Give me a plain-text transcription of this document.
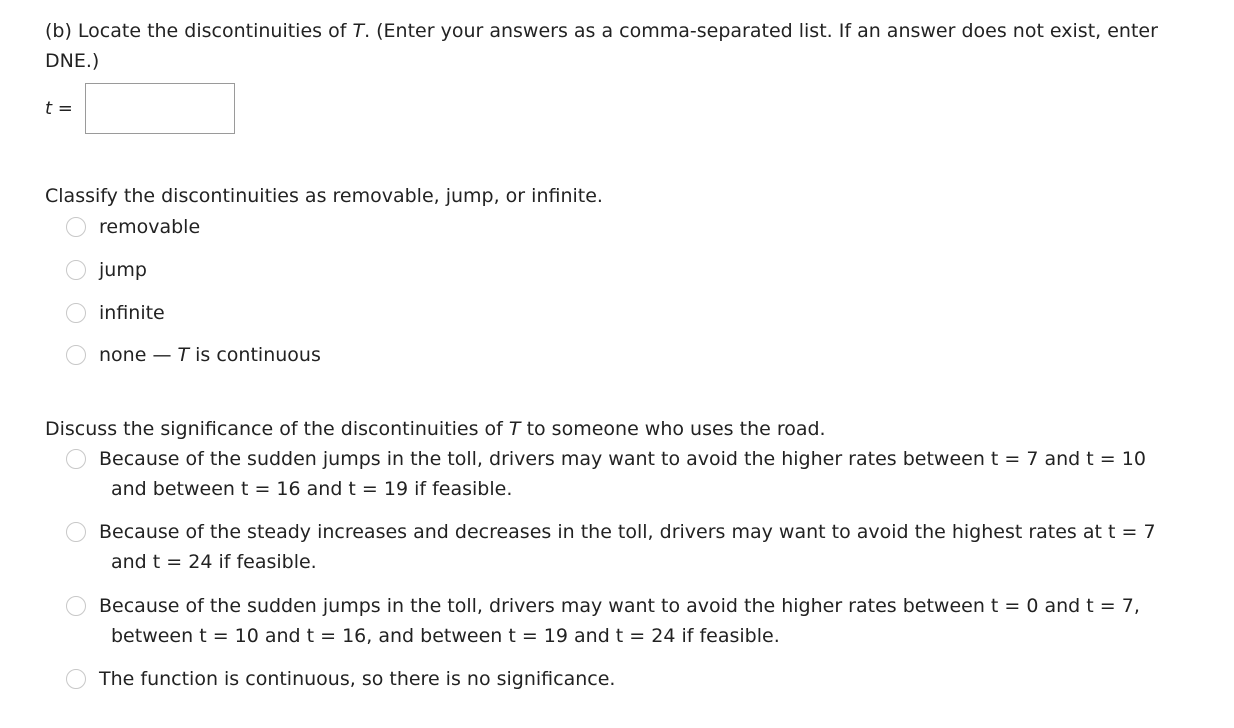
(b) Locate the discontinuities of T. (Enter your answers as a comma-separated list. If an answer does not exist, enter DNE.)
t =
Classify the discontinuities as removable, jump, or infinite.
removable
jump
infinite
none — T is continuous
Discuss the significance of the discontinuities of T to someone who uses the road.
Because of the sudden jumps in the toll, drivers may want to avoid the higher rates between t = 7 and t = 10
and between t = 16 and t = 19 if feasible.
Because of the steady increases and decreases in the toll, drivers may want to avoid the highest rates at t = 7
and t = 24 if feasible.
Because of the sudden jumps in the toll, drivers may want to avoid the higher rates between t = 0 and t = 7,
between t = 10 and t = 16, and between t = 19 and t = 24 if feasible.
The function is continuous, so there is no significance.
